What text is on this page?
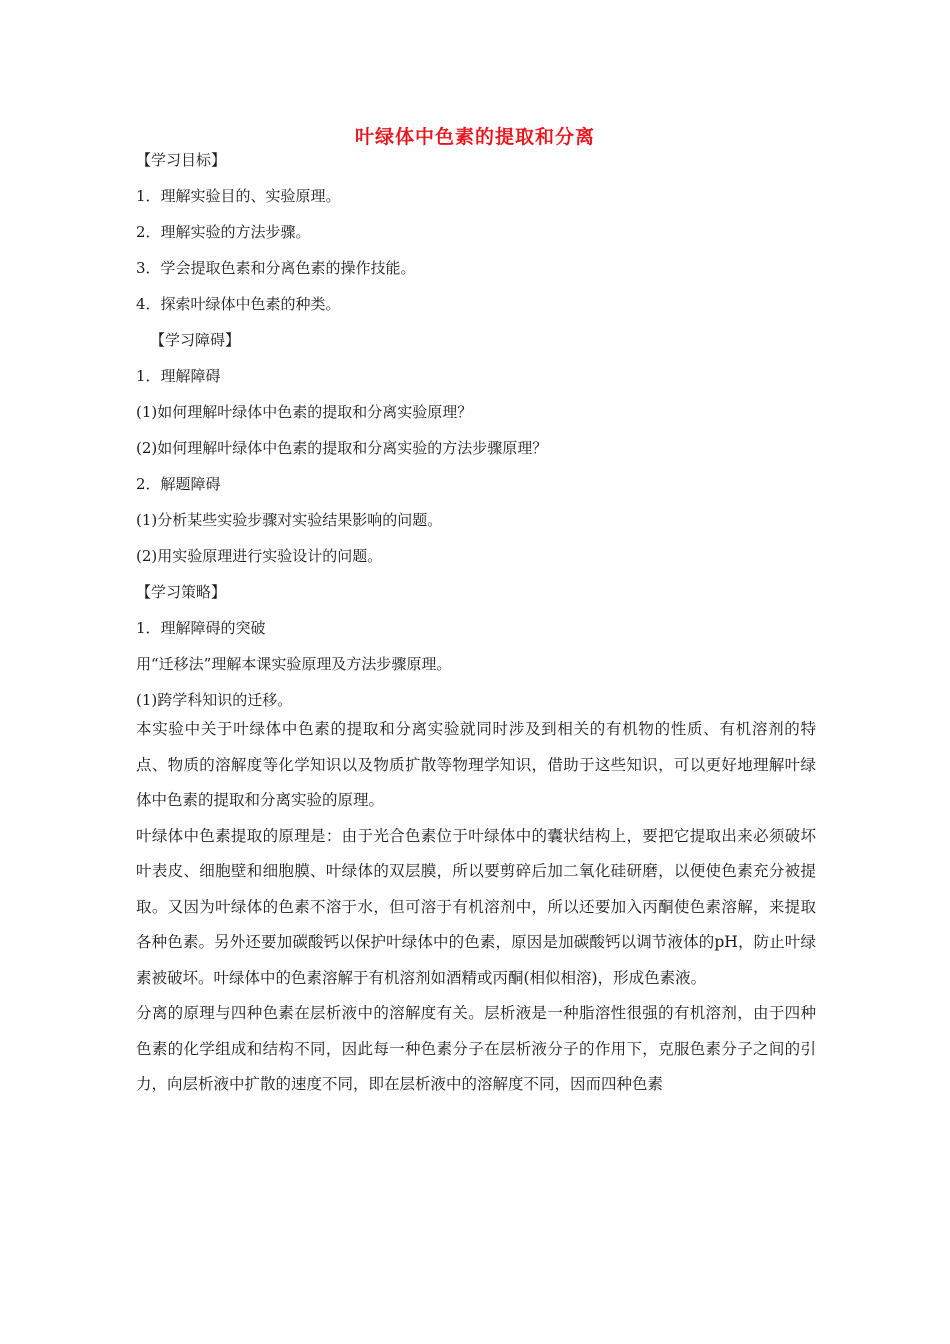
叶绿体中色素的提取和分离
【学习目标】
1．理解实验目的、实验原理。
2．理解实验的方法步骤。
3．学会提取色素和分离色素的操作技能。
4．探索叶绿体中色素的种类。
【学习障碍】
1．理解障碍
(1)如何理解叶绿体中色素的提取和分离实验原理？
(2)如何理解叶绿体中色素的提取和分离实验的方法步骤原理？
2．解题障碍
(1)分析某些实验步骤对实验结果影响的问题。
(2)用实验原理进行实验设计的问题。
【学习策略】
1．理解障碍的突破
用“迁移法”理解本课实验原理及方法步骤原理。
(1)跨学科知识的迁移。

本实验中关于叶绿体中色素的提取和分离实验就同时涉及到相关的有机物的性质、有机溶剂的特点、物质的溶解度等化学知识以及物质扩散等物理学知识，借助于这些知识，可以更好地理解叶绿体中色素的提取和分离实验的原理。

叶绿体中色素提取的原理是：由于光合色素位于叶绿体中的囊状结构上，要把它提取出来必须破坏叶表皮、细胞壁和细胞膜、叶绿体的双层膜，所以要剪碎后加二氧化硅研磨，以便使色素充分被提取。又因为叶绿体的色素不溶于水，但可溶于有机溶剂中，所以还要加入丙酮使色素溶解，来提取各种色素。另外还要加碳酸钙以保护叶绿体中的色素，原因是加碳酸钙以调节液体的pH，防止叶绿素被破坏。叶绿体中的色素溶解于有机溶剂如酒精或丙酮(相似相溶)，形成色素液。

分离的原理与四种色素在层析液中的溶解度有关。层析液是一种脂溶性很强的有机溶剂，由于四种色素的化学组成和结构不同，因此每一种色素分子在层析液分子的作用下，克服色素分子之间的引力，向层析液中扩散的速度不同，即在层析液中的溶解度不同，因而四种色素
